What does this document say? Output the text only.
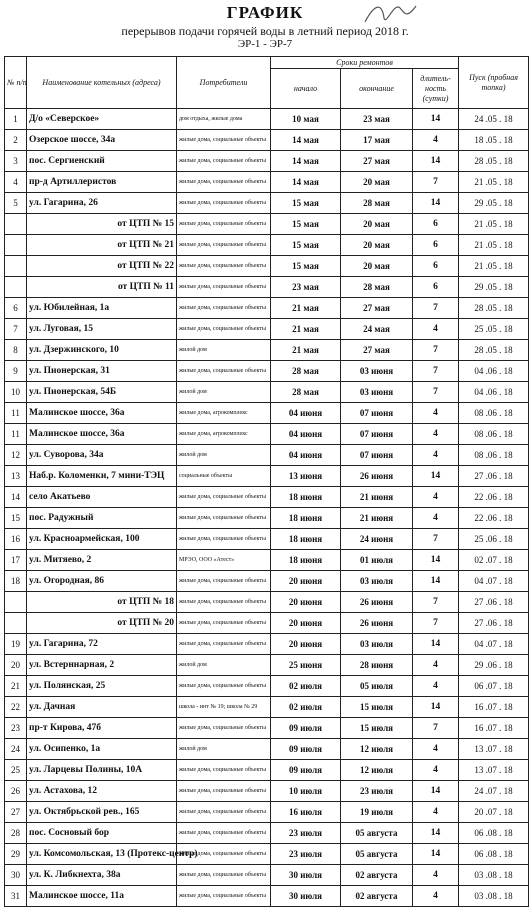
ГРАФИК
перерывов подачи горячей воды в летний период 2018 г.
ЭР-1 - ЭР-7
№ п/п	Наименование котельных (адреса)	Потребители	Сроки ремонтов			Пуск (пробная топка)
			начало	окончание	длитель-ность (сутки)	
1	Д/о «Северское»	дом отдыха, жилые дома	10 мая	23 мая	14	24 .05 . 18
2	Озерское шоссе, 34а	жилые дома, социальные объекты	14 мая	17 мая	4	18 .05 . 18
3	пос. Сергиенский	жилые дома, социальные объекты	14 мая	27 мая	14	28 .05 . 18
4	пр-д Артиллеристов	жилые дома, социальные объекты	14 мая	20 мая	7	21 .05 . 18
5	ул. Гагарина, 26	жилые дома, социальные объекты	15 мая	28 мая	14	29 .05 . 18
	от ЦТП № 15	жилые дома, социальные объекты	15 мая	20 мая	6	21 .05 . 18
	от ЦТП № 21	жилые дома, социальные объекты	15 мая	20 мая	6	21 .05 . 18
	от ЦТП № 22	жилые дома, социальные объекты	15 мая	20 мая	6	21 .05 . 18
	от ЦТП № 11	жилые дома, социальные объекты	23 мая	28 мая	6	29 .05 . 18
6	ул. Юбилейная, 1а	жилые дома, социальные объекты	21 мая	27 мая	7	28 .05 . 18
7	ул. Луговая, 15	жилые дома, социальные объекты	21 мая	24 мая	4	25 .05 . 18
8	ул. Дзержинского, 10	жилой дом	21 мая	27 мая	7	28 .05 . 18
9	ул. Пионерская, 31	жилые дома, социальные объекты	28 мая	03 июня	7	04 .06 . 18
10	ул. Пионерская, 54Б	жилой дом	28 мая	03 июня	7	04 .06 . 18
11	Малинское шоссе, 36а	жилые дома, агрокомплекс	04 июня	07 июня	4	08 .06 . 18
11	Малинское шоссе, 36а	жилые дома, агрокомплекс	04 июня	07 июня	4	08 .06 . 18
12	ул. Суворова, 34а	жилой дом	04 июня	07 июня	4	08 .06 . 18
13	Наб.р. Коломенки, 7 мини-ТЭЦ	социальные объекты	13 июня	26 июня	14	27 .06 . 18
14	село Акатьево	жилые дома, социальные объекты	18 июня	21 июня	4	22 .06 . 18
15	пос. Радужный	жилые дома, социальные объекты	18 июня	21 июня	4	22 .06 . 18
16	ул. Красноармейская, 100	жилые дома, социальные объекты	18 июня	24 июня	7	25 .06 . 18
17	ул. Митяево, 2	МРЭО, ООО «Атест»	18 июня	01 июля	14	02 .07 . 18
18	ул. Огородная, 86	жилые дома, социальные объекты	20 июня	03 июля	14	04 .07 . 18
	от ЦТП № 18	жилые дома, социальные объекты	20 июня	26 июня	7	27 .06 . 18
	от ЦТП № 20	жилые дома, социальные объекты	20 июня	26 июня	7	27 .06 . 18
19	ул. Гагарина, 72	жилые дома, социальные объекты	20 июня	03 июля	14	04 .07 . 18
20	ул. Встерннарная, 2	жилой дом	25 июня	28 июня	4	29 .06 . 18
21	ул. Полянская, 25	жилые дома, социальные объекты	02 июля	05 июля	4	06 .07 . 18
22	ул. Дачная	школа - инт № 19; школа № 29	02 июля	15 июля	14	16 .07 . 18
23	пр-т Кирова, 47б	жилые дома, социальные объекты	09 июля	15 июля	7	16 .07 . 18
24	ул. Осипенко, 1а	жилой дом	09 июля	12 июля	4	13 .07 . 18
25	ул. Ларцевы Полины, 10А	жилые дома, социальные объекты	09 июля	12 июля	4	13 .07 . 18
26	ул. Астахова, 12	жилые дома, социальные объекты	10 июля	23 июля	14	24 .07 . 18
27	ул. Октябрьской рев., 165	жилые дома, социальные объекты	16 июля	19 июля	4	20 .07 . 18
28	пос. Сосновый бор	жилые дома, социальные объекты	23 июля	05 августа	14	06 .08 . 18
29	ул. Комсомольская, 13 (Протекс-центр)	жилые дома, социальные объекты	23 июля	05 августа	14	06 .08 . 18
30	ул. К. Либкнехта, 38а	жилые дома, социальные объекты	30 июля	02 августа	4	03 .08 . 18
31	Малинское шоссе, 11а	жилые дома, социальные объекты	30 июля	02 августа	4	03 .08 . 18
